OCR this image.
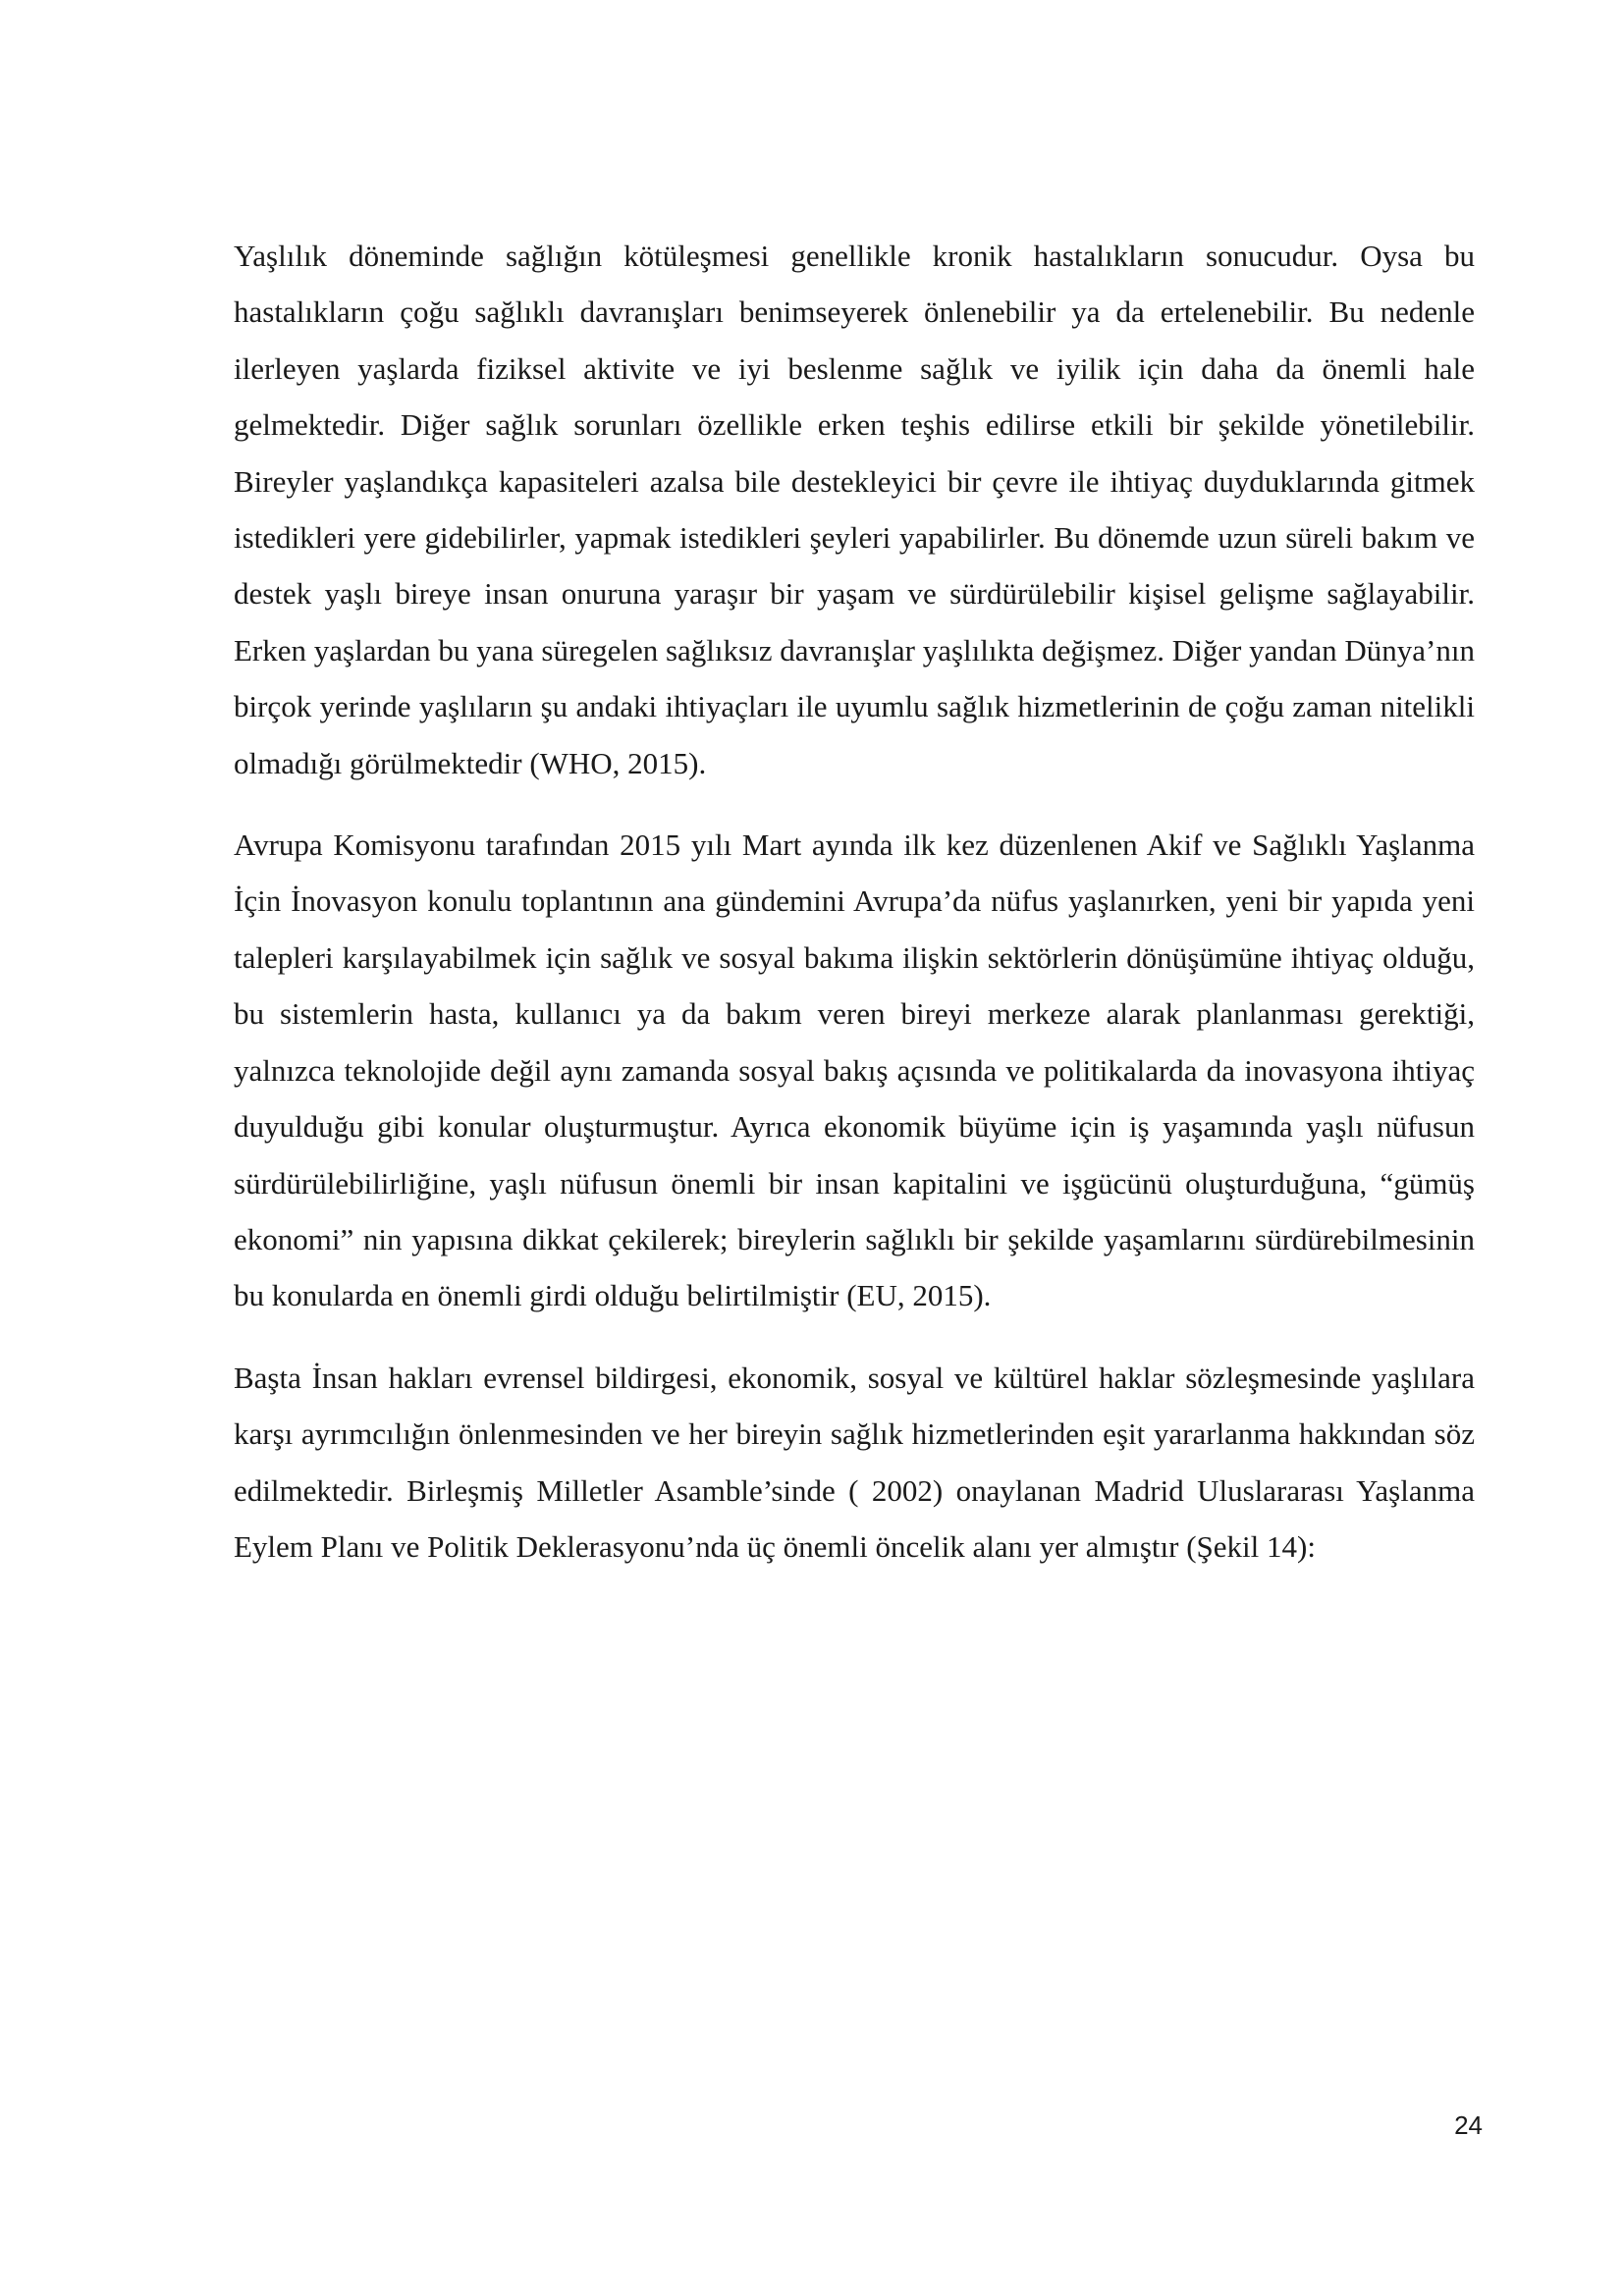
Yaşlılık döneminde sağlığın kötüleşmesi genellikle kronik hastalıkların sonucudur. Oysa bu hastalıkların çoğu sağlıklı davranışları benimseyerek önlenebilir ya da ertelenebilir. Bu nedenle ilerleyen yaşlarda fiziksel aktivite ve iyi beslenme sağlık ve iyilik için daha da önemli hale gelmektedir. Diğer sağlık sorunları özellikle erken teşhis edilirse etkili bir şekilde yönetilebilir. Bireyler yaşlandıkça kapasiteleri azalsa bile destekleyici bir çevre ile ihtiyaç duyduklarında gitmek istedikleri yere gidebilirler, yapmak istedikleri şeyleri yapabilirler. Bu dönemde uzun süreli bakım ve destek yaşlı bireye insan onuruna yaraşır bir yaşam ve sürdürülebilir kişisel gelişme sağlayabilir. Erken yaşlardan bu yana süregelen sağlıksız davranışlar yaşlılıkta değişmez. Diğer yandan Dünya’nın birçok yerinde yaşlıların şu andaki ihtiyaçları ile uyumlu sağlık hizmetlerinin de çoğu zaman nitelikli olmadığı görülmektedir (WHO, 2015).

Avrupa Komisyonu tarafından 2015 yılı Mart ayında ilk kez düzenlenen Akif ve Sağlıklı Yaşlanma İçin İnovasyon konulu toplantının ana gündemini Avrupa’da nüfus yaşlanırken, yeni bir yapıda yeni talepleri karşılayabilmek için sağlık ve sosyal bakıma ilişkin sektörlerin dönüşümüne ihtiyaç olduğu, bu sistemlerin hasta, kullanıcı ya da bakım veren bireyi merkeze alarak planlanması gerektiği, yalnızca teknolojide değil aynı zamanda sosyal bakış açısında ve politikalarda da inovasyona ihtiyaç duyulduğu gibi konular oluşturmuştur. Ayrıca ekonomik büyüme için iş yaşamında yaşlı nüfusun sürdürülebilirliğine, yaşlı nüfusun önemli bir insan kapitalini ve işgücünü oluşturduğuna, “gümüş ekonomi” nin yapısına dikkat çekilerek; bireylerin sağlıklı bir şekilde yaşamlarını sürdürebilmesinin bu konularda en önemli girdi olduğu belirtilmiştir (EU, 2015).

Başta İnsan hakları evrensel bildirgesi, ekonomik, sosyal ve kültürel haklar sözleşmesinde yaşlılara karşı ayrımcılığın önlenmesinden ve her bireyin sağlık hizmetlerinden eşit yararlanma hakkından söz edilmektedir. Birleşmiş Milletler Asamble’sinde ( 2002) onaylanan Madrid Uluslararası Yaşlanma Eylem Planı ve Politik Deklerasyonu’nda üç önemli öncelik alanı yer almıştır (Şekil 14):

24
